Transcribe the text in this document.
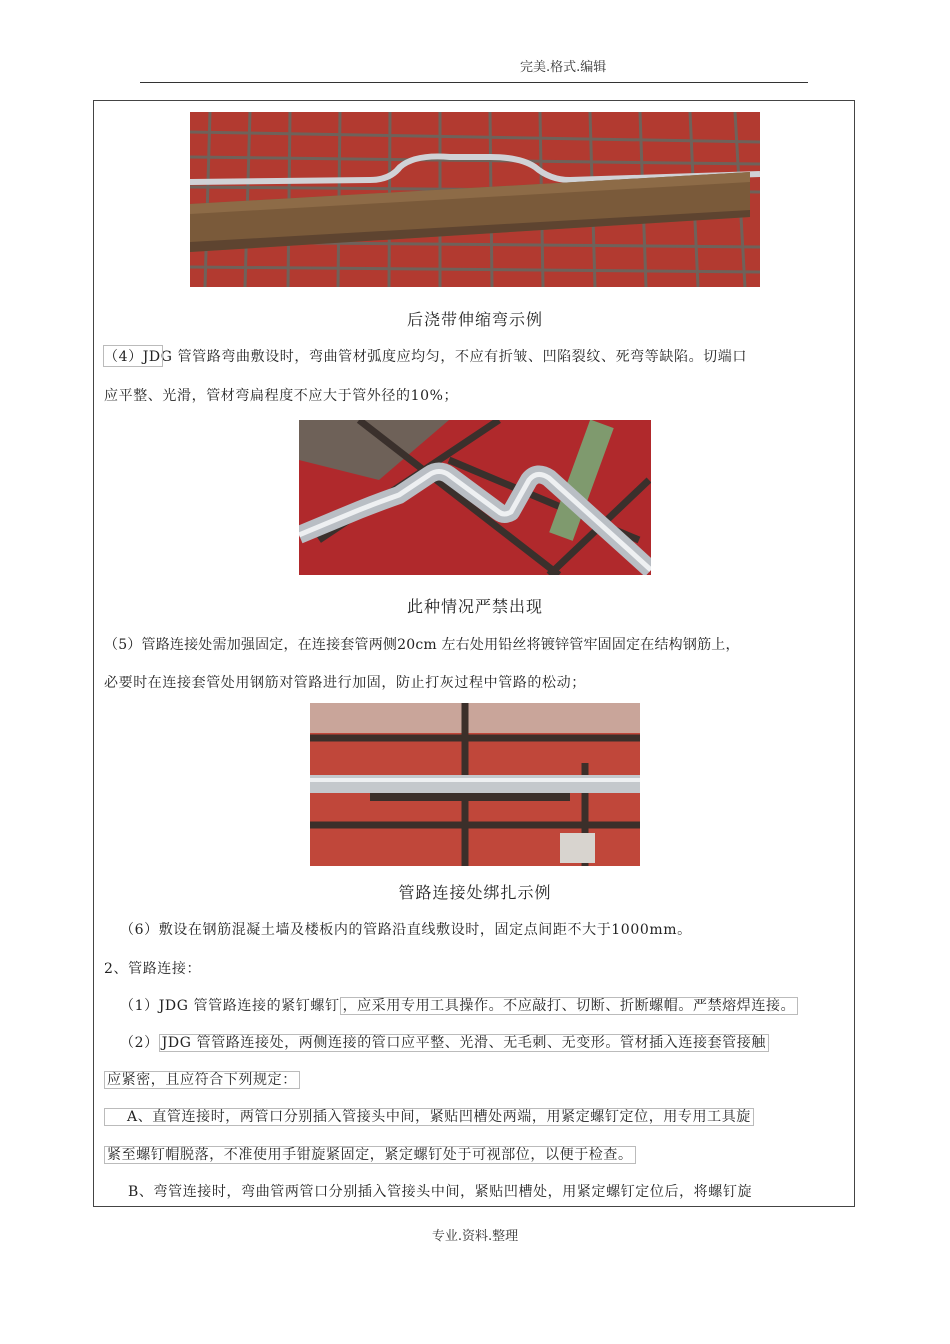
完美.格式.编辑
后浇带伸缩弯示例
（4）JDG 管管路弯曲敷设时，弯曲管材弧度应均匀，不应有折皱、凹陷裂纹、死弯等缺陷。切端口
应平整、光滑，管材弯扁程度不应大于管外径的10%；
此种情况严禁出现
（5）管路连接处需加强固定，在连接套管两侧20cm 左右处用铅丝将镀锌管牢固固定在结构钢筋上，
必要时在连接套管处用钢筋对管路进行加固，防止打灰过程中管路的松动；
管路连接处绑扎示例
（6）敷设在钢筋混凝土墙及楼板内的管路沿直线敷设时，固定点间距不大于1000mm。
2、管路连接：
（1）JDG 管管路连接的紧钉螺钉 ，应采用专用工具操作。不应敲打、切断、折断螺帽。严禁熔焊连接。
（2） JDG 管管路连接处，两侧连接的管口应平整、光滑、无毛刺、无变形。管材插入连接套管接触
应紧密，且应符合下列规定：
A、直管连接时，两管口分别插入管接头中间，紧贴凹槽处两端，用紧定螺钉定位，用专用工具旋
紧至螺钉帽脱落，不准使用手钳旋紧固定，紧定螺钉处于可视部位，以便于检查。
B、弯管连接时，弯曲管两管口分别插入管接头中间，紧贴凹槽处，用紧定螺钉定位后，将螺钉旋
专业.资料.整理
